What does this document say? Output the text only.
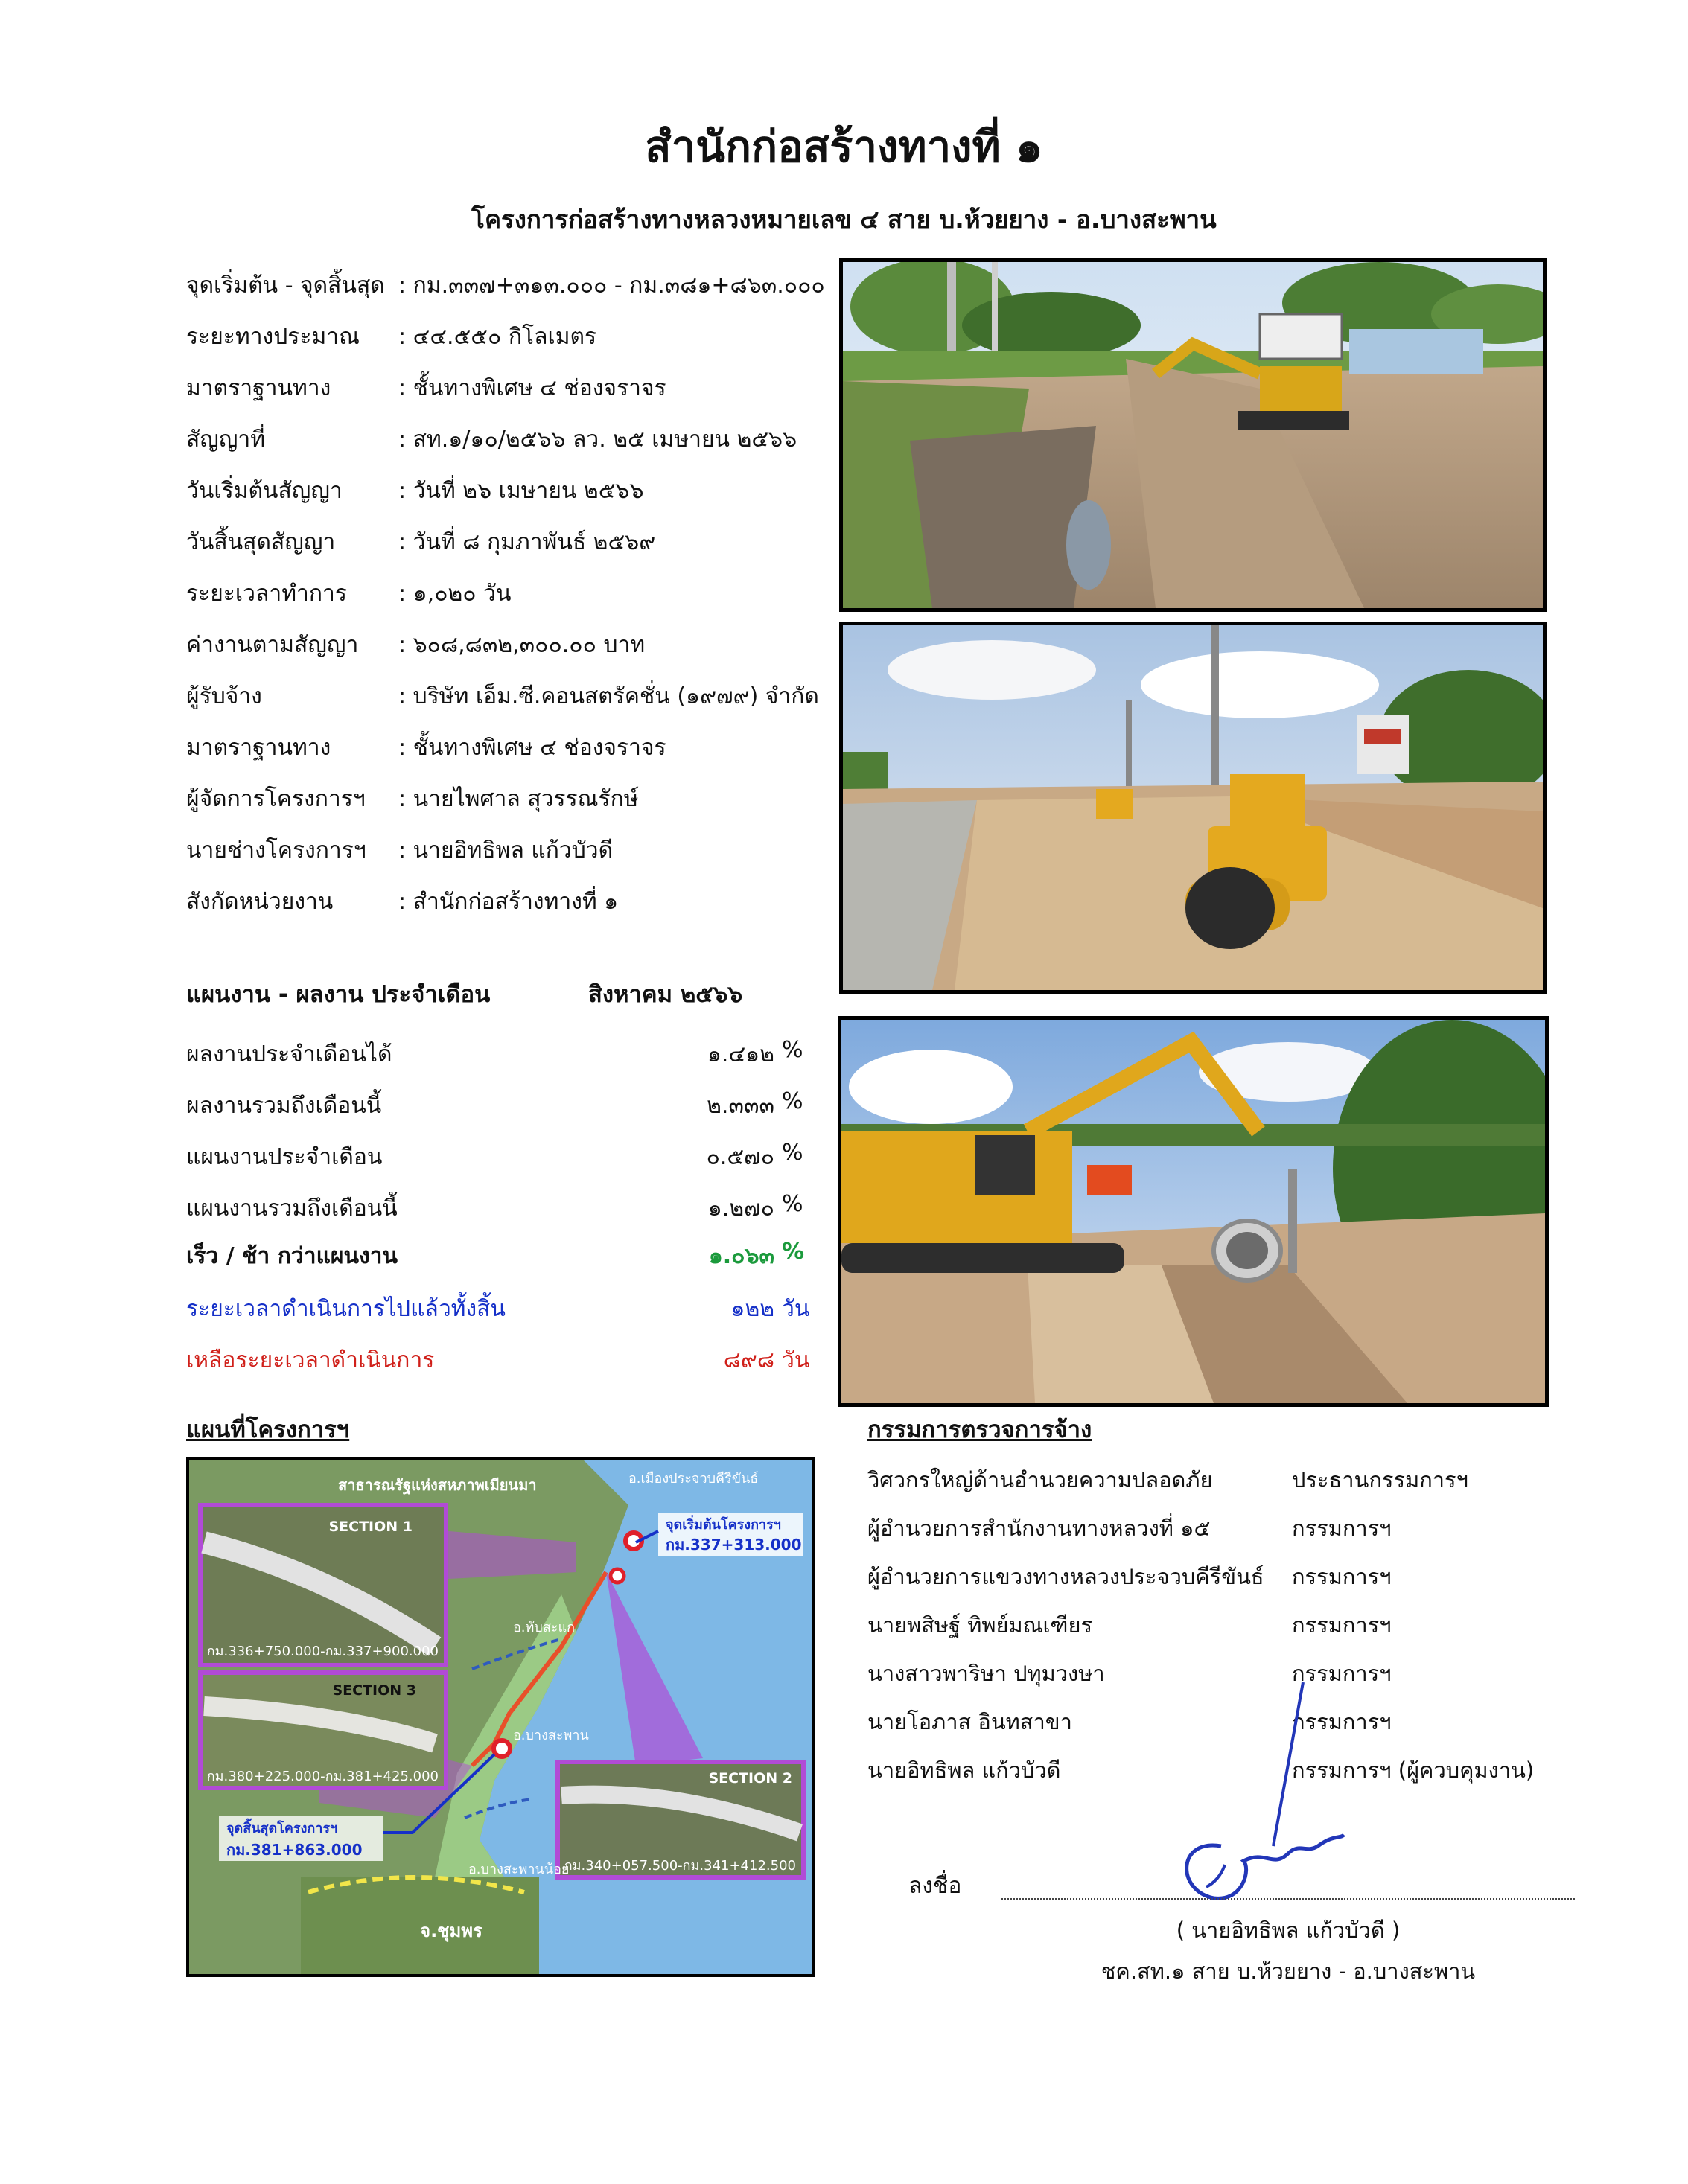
สำนักก่อสร้างทางที่ ๑
โครงการก่อสร้างทางหลวงหมายเลข ๔ สาย บ.ห้วยยาง - อ.บางสะพาน
จุดเริ่มต้น - จุดสิ้นสุด : กม.๓๓๗+๓๑๓.๐๐๐ - กม.๓๘๑+๘๖๓.๐๐๐
ระยะทางประมาณ	: ๔๔.๕๕๐ กิโลเมตร
มาตราฐานทาง	: ชั้นทางพิเศษ ๔ ช่องจราจร
สัญญาที่	: สท.๑/๑๐/๒๕๖๖ ลว. ๒๕ เมษายน ๒๕๖๖
วันเริ่มต้นสัญญา	: วันที่ ๒๖ เมษายน ๒๕๖๖
วันสิ้นสุดสัญญา	: วันที่ ๘ กุมภาพันธ์ ๒๕๖๙
ระยะเวลาทำการ	: ๑,๐๒๐ วัน
ค่างานตามสัญญา	: ๖๐๘,๘๓๒,๓๐๐.๐๐ บาท
ผู้รับจ้าง	: บริษัท เอ็ม.ซี.คอนสตรัคชั่น (๑๙๗๙) จำกัด
มาตราฐานทาง	: ชั้นทางพิเศษ ๔ ช่องจราจร
ผู้จัดการโครงการฯ	: นายไพศาล สุวรรณรักษ์
นายช่างโครงการฯ	: นายอิทธิพล แก้วบัวดี
สังกัดหน่วยงาน	: สำนักก่อสร้างทางที่ ๑
แผนงาน - ผลงาน ประจำเดือน	สิงหาคม ๒๕๖๖
ผลงานประจำเดือนได้	๑.๔๑๒ %
ผลงานรวมถึงเดือนนี้	๒.๓๓๓ %
แผนงานประจำเดือน	๐.๕๗๐ %
แผนงานรวมถึงเดือนนี้	๑.๒๗๐ %
เร็ว / ช้า กว่าแผนงาน	๑.๐๖๓ %
ระยะเวลาดำเนินการไปแล้วทั้งสิ้น	๑๒๒ วัน
เหลือระยะเวลาดำเนินการ	๘๙๘ วัน
แผนที่โครงการฯ
SECTION 1
กม.336+750.000-กม.337+900.000
SECTION 3
กม.380+225.000-กม.381+425.000	SECTION 2
กม.340+057.500-กม.341+412.500
สาธารณรัฐแห่งสหภาพเมียนมา	อ.เมืองประจวบคีรีขันธ์
อ.ทับสะแก
อ.บางสะพาน
อ.บางสะพานน้อย
จ.ชุมพร
จุดเริ่มต้นโครงการฯ
กม.337+313.000
จุดสิ้นสุดโครงการฯ
กม.381+863.000
กรรมการตรวจการจ้าง
วิศวกรใหญ่ด้านอำนวยความปลอดภัย	ประธานกรรมการฯ
ผู้อำนวยการสำนักงานทางหลวงที่ ๑๕	กรรมการฯ
ผู้อำนวยการแขวงทางหลวงประจวบคีรีขันธ์ กรรมการฯ
นายพสิษฐ์ ทิพย์มณเฑียร	กรรมการฯ
นางสาวพาริษา ปทุมวงษา	กรรมการฯ
นายโอภาส อินทสาขา	กรรมการฯ
นายอิทธิพล แก้วบัวดี	กรรมการฯ (ผู้ควบคุมงาน)
ลงชื่อ
( นายอิทธิพล แก้วบัวดี )
ชค.สท.๑ สาย บ.ห้วยยาง - อ.บางสะพาน
